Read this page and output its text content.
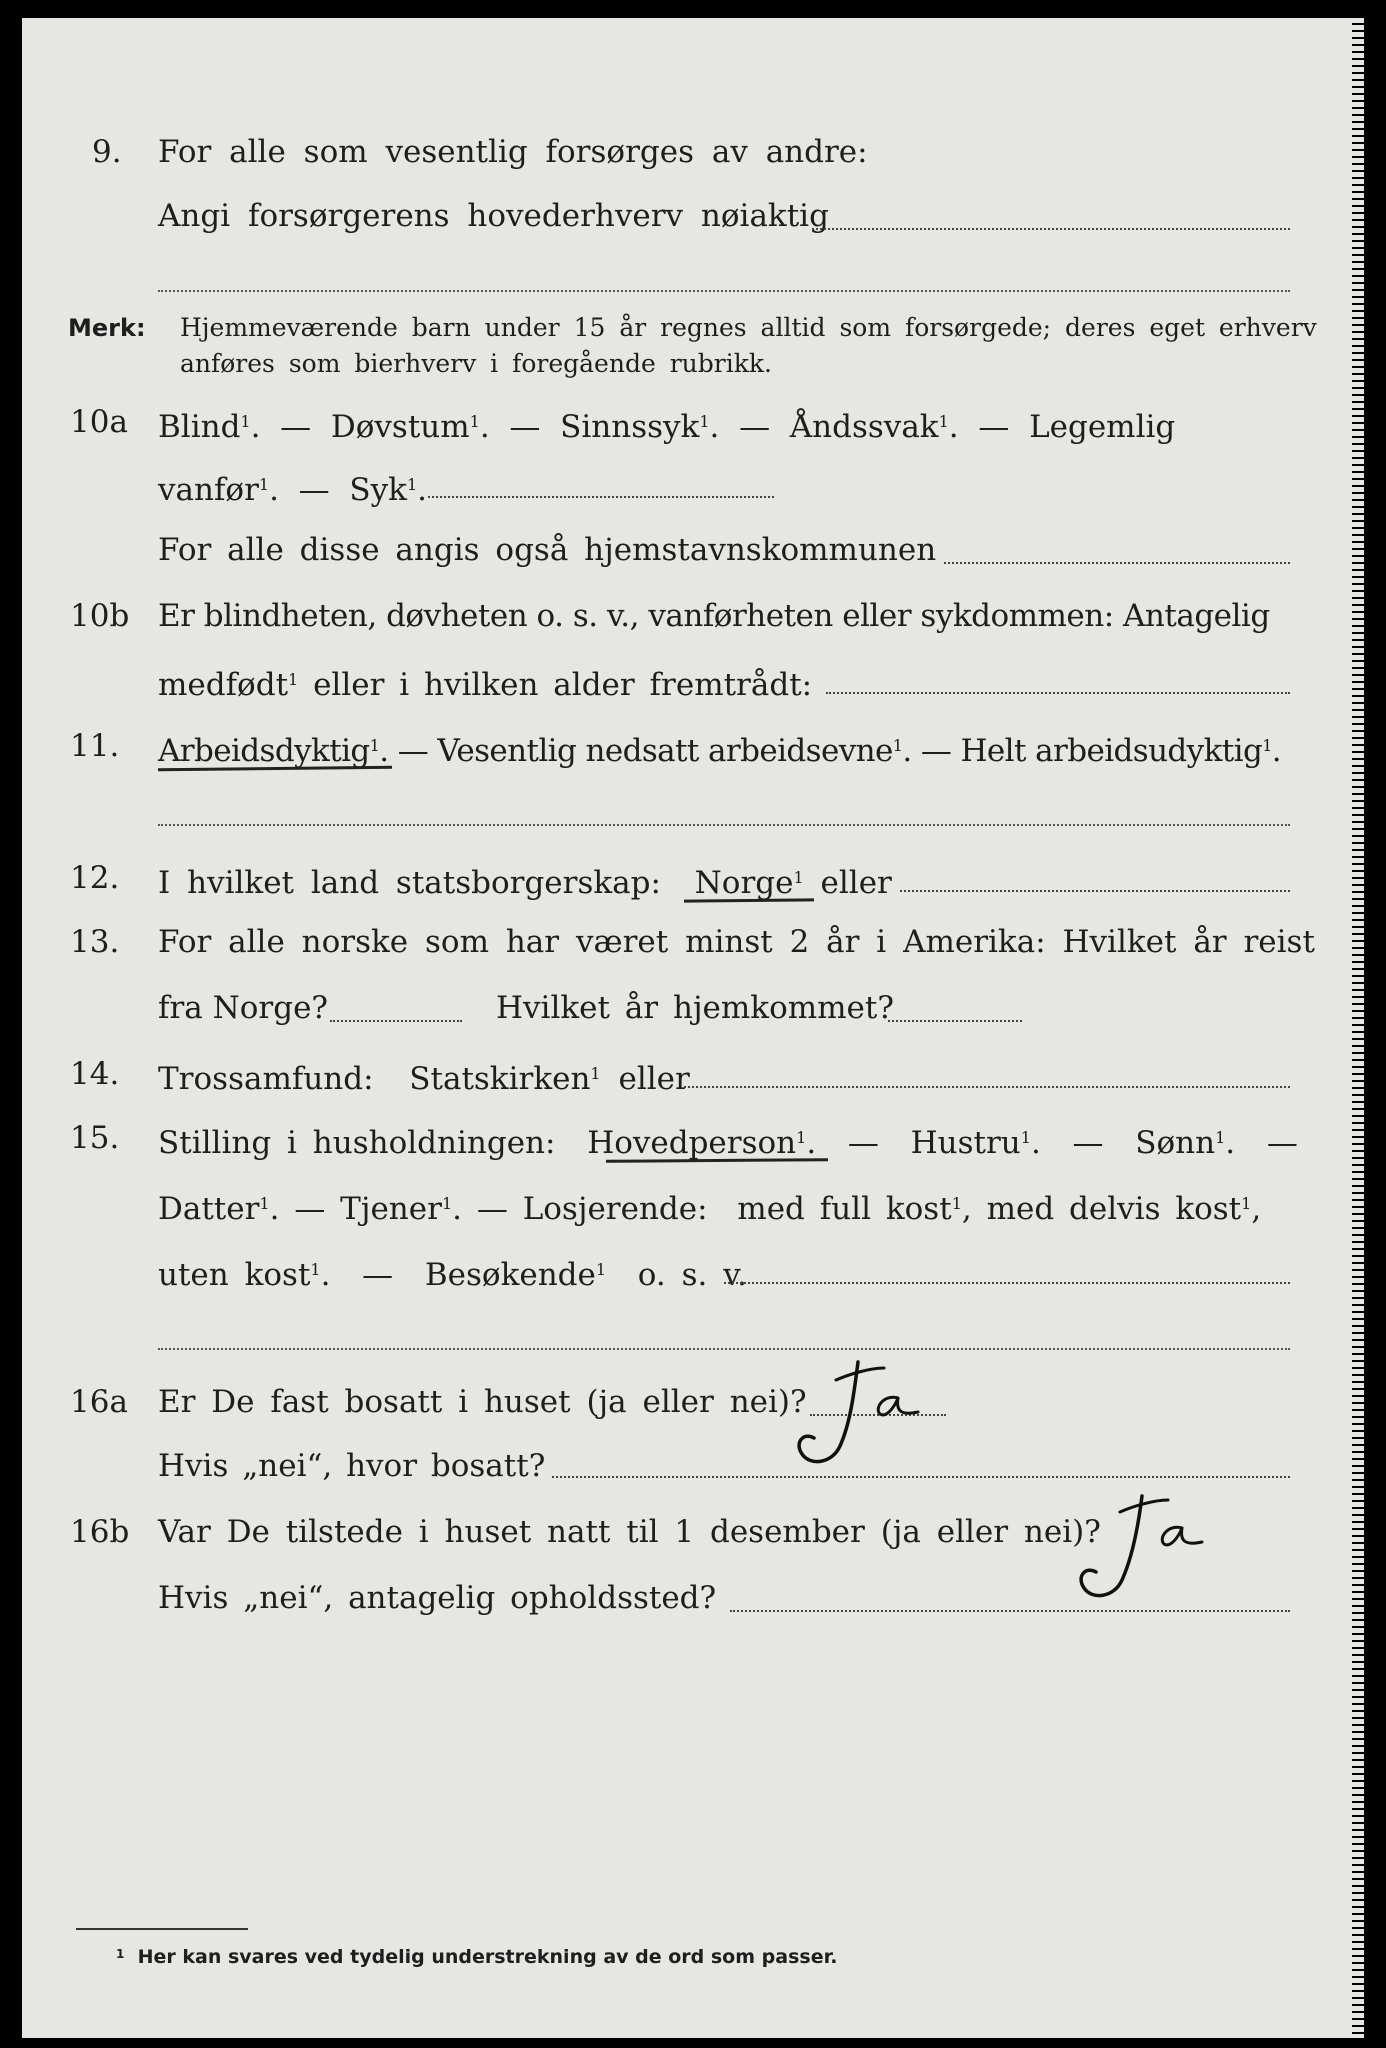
9. For alle som vesentlig forsørges av andre:
Angi forsørgerens hovederhverv nøiaktig
Merk: Hjemmeværende barn under 15 år regnes alltid som forsørgede; deres eget erhverv
anføres som bierhverv i foregående rubrikk.
10a Blind$^1$.  —  Døvstum$^1$.  —  Sinnssyk$^1$.  —  Åndssvak$^1$.  —  Legemlig
vanfør$^1$.  —  Syk$^1$.
For alle disse angis også hjemstavnskommunen
10b Er blindheten, døvheten o. s. v., vanførheten eller sykdommen: Antagelig
medfødt$^1$ eller i hvilken alder fremtrådt:
11. Arbeidsdyktig$^1$. — Vesentlig nedsatt arbeidsevne$^1$. — Helt arbeidsudyktig$^1$.
12. I hvilket land statsborgerskap: Norge$^1$ eller
13. For alle norske som har været minst 2 år i Amerika: Hvilket år reist
fra Norge?	Hvilket år hjemkommet?
14. Trossamfund: Statskirken$^1$ eller
15. Stilling i husholdningen: Hovedperson$^1$.  —  Hustru$^1$.  —  Sønn$^1$.  —
Datter$^1$. — Tjener$^1$. — Losjerende: med full kost$^1$, med delvis kost$^1$,
uten kost$^1$.  —  Besøkende$^1$ o. s. v.
16a Er De fast bosatt i huset (ja eller nei)?
Hvis „nei“, hvor bosatt?
16b Var De tilstede i huset natt til 1 desember (ja eller nei)?
Hvis „nei“, antagelig opholdssted?
$^1$ Her kan svares ved tydelig understrekning av de ord som passer.
